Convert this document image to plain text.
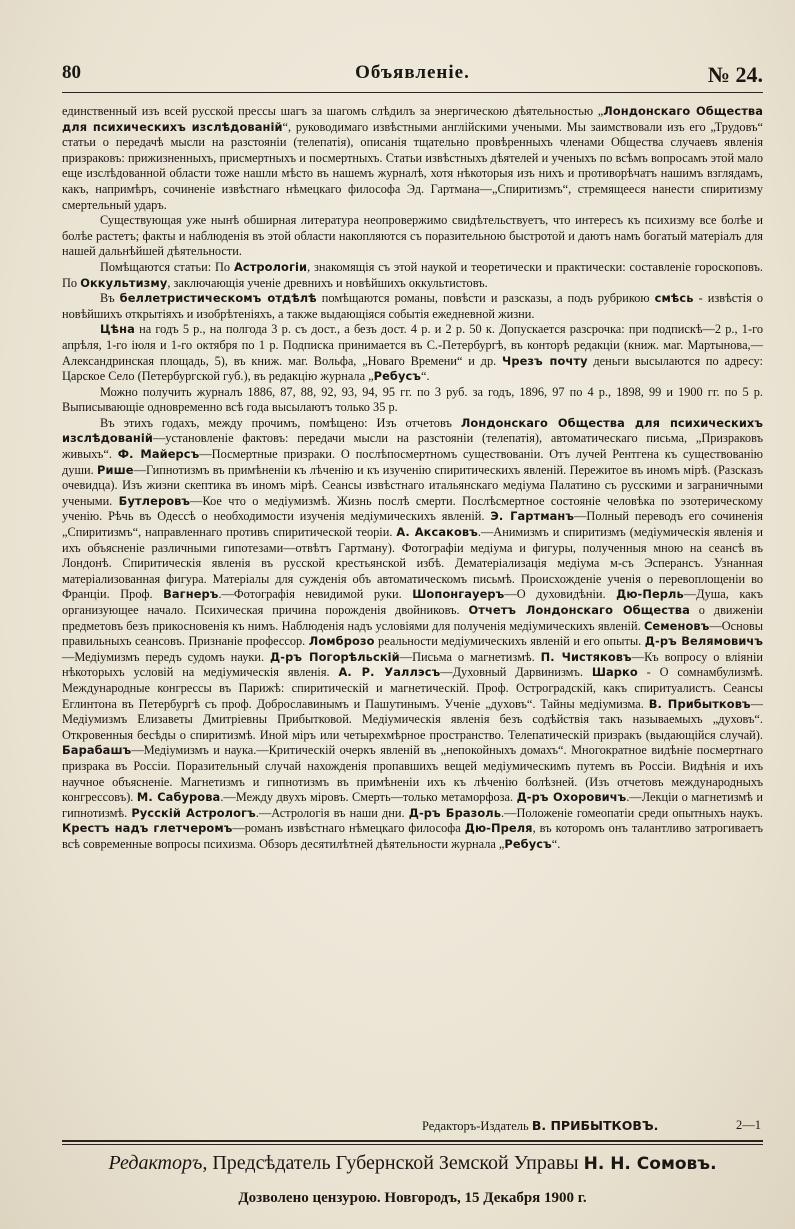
80	Объявленіе.	№ 24.

единственный изъ всей русской прессы шагъ за шагомъ слѣдилъ за энергическою дѣятельностью „Лондонскаго Общества для психическихъ изслѣдованій“, руководимаго извѣстными англійскими учеными. Мы заимствовали изъ его „Трудовъ“ статьи о передачѣ мысли на разстояніи (телепатія), описанія тщательно провѣренныхъ членами Общества случаевъ явленія призраковъ: прижизненныхъ, присмертныхъ и посмертныхъ. Статьи извѣстныхъ дѣятелей и ученыхъ по всѣмъ вопросамъ этой мало еще изслѣдованной области тоже нашли мѣсто въ нашемъ журналѣ, хотя нѣкоторыя изъ нихъ и противорѣчатъ нашимъ взглядамъ, какъ, напримѣръ, сочиненіе извѣстнаго нѣмецкаго философа Эд. Гартмана—„Спиритизмъ“, стремящееся нанести спиритизму смертельный ударъ.

Существующая уже нынѣ обширная литература неопровержимо свидѣтельствуетъ, что интересъ къ психизму все болѣе и болѣе растетъ; факты и наблюденія въ этой области накопляются съ поразительною быстротой и даютъ намъ богатый матеріалъ для нашей дальнѣйшей дѣятельности.

Помѣщаются статьи: По Астрологіи, знакомящія съ этой наукой и теоретически и практически: составленіе гороскоповъ. По Оккультизму, заключающія ученіе древнихъ и новѣйшихъ оккультистовъ.

Въ беллетристическомъ отдѣлѣ помѣщаются романы, повѣсти и разсказы, а подъ рубрикою смѣсь - извѣстія о новѣйшихъ открытіяхъ и изобрѣтеніяхъ, а также выдающіяся событія ежедневной жизни.

Цѣна на годъ 5 р., на полгода 3 р. съ дост., а безъ дост. 4 р. и 2 р. 50 к. Допускается разсрочка: при подпискѣ—2 р., 1-го апрѣля, 1-го іюля и 1-го октября по 1 р. Подписка принимается въ С.-Петербургѣ, въ конторѣ редакціи (книж. маг. Мартынова,—Александринская площадь, 5), въ книж. маг. Вольфа, „Новаго Времени“ и др. Чрезъ почту деньги высылаются по адресу: Царское Село (Петербургской губ.), въ редакцію журнала „Ребусъ“.

Можно получить журналъ 1886, 87, 88, 92, 93, 94, 95 гг. по 3 руб. за годъ, 1896, 97 по 4 р., 1898, 99 и 1900 гг. по 5 р. Выписывающіе одновременно всѣ года высылаютъ только 35 р.

Въ этихъ годахъ, между прочимъ, помѣщено: Изъ отчетовъ Лондонскаго Общества для психическихъ изслѣдованій—установленіе фактовъ: передачи мысли на разстояніи (телепатія), автоматическаго письма, „Призраковъ живыхъ“. Ф. Майерсъ—Посмертные призраки. О послѣпосмертномъ существованіи. Отъ лучей Рентгена къ существованію души. Рише—Гипнотизмъ въ примѣненіи къ лѣченію и къ изученію спиритическихъ явленій. Пережитое въ иномъ мірѣ. (Разсказъ очевидца). Изъ жизни скептика въ иномъ мірѣ. Сеансы извѣстнаго итальянскаго медіума Палатино съ русскими и заграничными учеными. Бутлеровъ—Кое что о медіумизмѣ. Жизнь послѣ смерти. Послѣсмертное состояніе человѣка по эзотерическому ученію. Рѣчь въ Одессѣ о необходимости изученія медіумическихъ явленій. Э. Гартманъ—Полный переводъ его сочиненія „Спиритизмъ“, направленнаго противъ спиритической теоріи. А. Аксаковъ.—Анимизмъ и спиритизмъ (медіумическія явленія и ихъ объясненіе различными гипотезами—отвѣтъ Гартману). Фотографіи медіума и фигуры, полученныя мною на сеансѣ въ Лондонѣ. Спиритическія явленія въ русской крестьянской избѣ. Дематеріализація медіума м-съ Эсперансъ. Узнанная матеріализованная фигура. Матеріалы для сужденія объ автоматическомъ письмѣ. Происхожденіе ученія о перевоплощеніи во Франціи. Проф. Вагнеръ.—Фотографія невидимой руки. Шопонгауеръ—О духовидѣніи. Дю-Перль—Душа, какъ организующее начало. Психическая причина порожденія двойниковъ. Отчетъ Лондонскаго Общества о движеніи предметовъ безъ прикосновенія къ нимъ. Наблюденія надъ условіями для полученія медіумическихъ явленій. Семеновъ—Основы правильныхъ сеансовъ. Признаніе профессор. Ломброзо реальности медіумическихъ явленій и его опыты. Д-ръ Велямовичъ—Медіумизмъ передъ судомъ науки. Д-ръ Погорѣльскій—Письма о магнетизмѣ. П. Чистяковъ—Къ вопросу о вліяніи нѣкоторыхъ условій на медіумическія явленія. А. Р. Уаллэсъ—Духовный Дарвинизмъ. Шарко - О сомнамбулизмѣ. Международные конгрессы въ Парижѣ: спиритическій и магнетическій. Проф. Остроградскій, какъ спиритуалистъ. Сеансы Еглинтона въ Петербургѣ съ проф. Доброславинымъ и Пашутинымъ. Ученіе „духовъ“. Тайны медіумизма. В. Прибытковъ—Медіумизмъ Елизаветы Дмитріевны Прибытковой. Медіумическія явленія безъ содѣйствія такъ называемыхъ „духовъ“. Откровенныя бесѣды о спиритизмѣ. Иной міръ или четырехмѣрное пространство. Телепатическій призракъ (выдающійся случай). Барабашъ—Медіумизмъ и наука.—Критическій очеркъ явленій въ „непокойныхъ домахъ“. Многократное видѣніе посмертнаго призрака въ Россіи. Поразительный случай нахожденія пропавшихъ вещей медіумическимъ путемъ въ Россіи. Видѣнія и ихъ научное объясненіе. Магнетизмъ и гипнотизмъ въ примѣненіи ихъ къ лѣченію болѣзней. (Изъ отчетовъ международныхъ конгрессовъ). М. Сабурова.—Между двухъ міровъ. Смерть—только метаморфоза. Д-ръ Охоровичъ.—Лекціи о магнетизмѣ и гипнотизмѣ. Русскій Астрологъ.—Астрологія въ наши дни. Д-ръ Бразоль.—Положеніе гомеопатіи среди опытныхъ наукъ. Крестъ надъ глетчеромъ—романъ извѣстнаго нѣмецкаго философа Дю-Преля, въ которомъ онъ талантливо затрогиваетъ всѣ современные вопросы психизма. Обзоръ десятилѣтней дѣятельности журнала „Ребусъ“.

Редакторъ-Издатель В. ПРИБЫТКОВЪ.	2—1
Редакторъ, Предсѣдатель Губернской Земской Управы Н. Н. Сомовъ.
Дозволено цензурою. Новгородъ, 15 Декабря 1900 г.
